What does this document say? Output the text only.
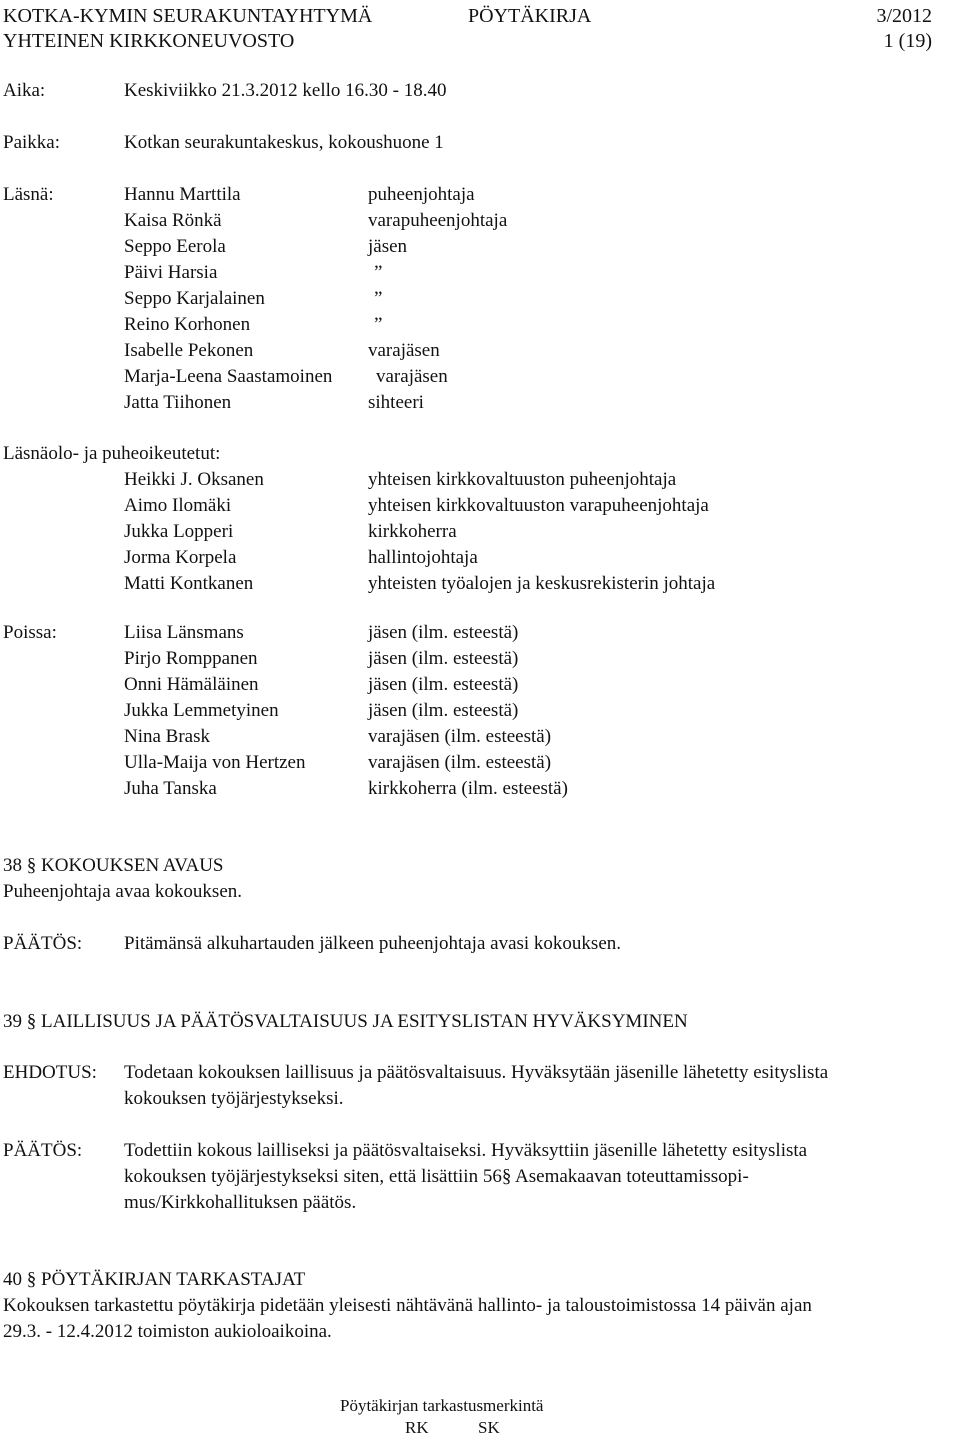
KOTKA-KYMIN SEURAKUNTAYHTYMÄ	PÖYTÄKIRJA	3/2012
YHTEINEN KIRKKONEUVOSTO	1 (19)
Aika:	Keskiviikko 21.3.2012 kello 16.30 - 18.40
Paikka:	Kotkan seurakuntakeskus, kokoushuone 1
Läsnä:	Hannu Marttila	puheenjohtaja
Kaisa Rönkä	varapuheenjohtaja
Seppo Eerola	jäsen
Päivi Harsia	”
Seppo Karjalainen	”
Reino Korhonen	”
Isabelle Pekonen	varajäsen
Marja-Leena Saastamoinen varajäsen
Jatta Tiihonen	sihteeri
Läsnäolo- ja puheoikeutetut:
Heikki J. Oksanen	yhteisen kirkkovaltuuston puheenjohtaja
Aimo Ilomäki	yhteisen kirkkovaltuuston varapuheenjohtaja
Jukka Lopperi	kirkkoherra
Jorma Korpela	hallintojohtaja
Matti Kontkanen	yhteisten työalojen ja keskusrekisterin johtaja
Poissa:	Liisa Länsmans	jäsen (ilm. esteestä)
Pirjo Romppanen	jäsen (ilm. esteestä)
Onni Hämäläinen	jäsen (ilm. esteestä)
Jukka Lemmetyinen	jäsen (ilm. esteestä)
Nina Brask	varajäsen (ilm. esteestä)
Ulla-Maija von Hertzen	varajäsen (ilm. esteestä)
Juha Tanska	kirkkoherra (ilm. esteestä)
38 § KOKOUKSEN AVAUS
Puheenjohtaja avaa kokouksen.
PÄÄTÖS: Pitämänsä alkuhartauden jälkeen puheenjohtaja avasi kokouksen.
39 § LAILLISUUS JA PÄÄTÖSVALTAISUUS JA ESITYSLISTAN HYVÄKSYMINEN
EHDOTUS: Todetaan kokouksen laillisuus ja päätösvaltaisuus. Hyväksytään jäsenille lähetetty esityslista
kokouksen työjärjestykseksi.
PÄÄTÖS: Todettiin kokous lailliseksi ja päätösvaltaiseksi. Hyväksyttiin jäsenille lähetetty esityslista
kokouksen työjärjestykseksi siten, että lisättiin 56§ Asemakaavan toteuttamissopi-
mus/Kirkkohallituksen päätös.
40 § PÖYTÄKIRJAN TARKASTAJAT
Kokouksen tarkastettu pöytäkirja pidetään yleisesti nähtävänä hallinto- ja taloustoimistossa 14 päivän ajan
29.3. - 12.4.2012 toimiston aukioloaikoina.
Pöytäkirjan tarkastusmerkintä
RK	SK
